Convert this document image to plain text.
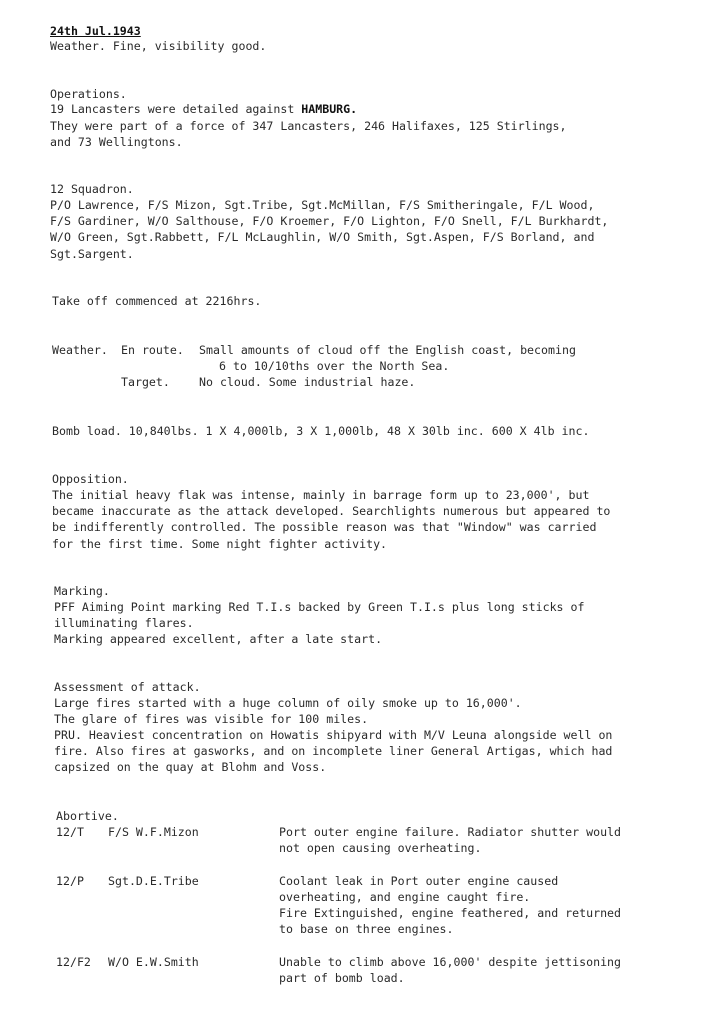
24th Jul.1943
Weather. Fine, visibility good.
Operations.
19 Lancasters were detailed against HAMBURG.
They were part of a force of 347 Lancasters, 246 Halifaxes, 125 Stirlings,
and 73 Wellingtons.
12 Squadron.
P/O Lawrence, F/S Mizon, Sgt.Tribe, Sgt.McMillan, F/S Smitheringale, F/L Wood,
F/S Gardiner, W/O Salthouse, F/O Kroemer, F/O Lighton, F/O Snell, F/L Burkhardt,
W/O Green, Sgt.Rabbett, F/L McLaughlin, W/O Smith, Sgt.Aspen, F/S Borland, and
Sgt.Sargent.
Take off commenced at 2216hrs.
Weather. En route. Small amounts of cloud off the English coast, becoming
6 to 10/10ths over the North Sea.
Target.	No cloud. Some industrial haze.
Bomb load. 10,840lbs. 1 X 4,000lb, 3 X 1,000lb, 48 X 30lb inc. 600 X 4lb inc.
Opposition.
The initial heavy flak was intense, mainly in barrage form up to 23,000', but
became inaccurate as the attack developed. Searchlights numerous but appeared to
be indifferently controlled. The possible reason was that "Window" was carried
for the first time. Some night fighter activity.
Marking.
PFF Aiming Point marking Red T.I.s backed by Green T.I.s plus long sticks of
illuminating flares.
Marking appeared excellent, after a late start.
Assessment of attack.
Large fires started with a huge column of oily smoke up to 16,000'.
The glare of fires was visible for 100 miles.
PRU. Heaviest concentration on Howatis shipyard with M/V Leuna alongside well on
fire. Also fires at gasworks, and on incomplete liner General Artigas, which had
capsized on the quay at Blohm and Voss.
Abortive.
12/T F/S W.F.Mizon	Port outer engine failure. Radiator shutter would
not open causing overheating.
12/P Sgt.D.E.Tribe	Coolant leak in Port outer engine caused
overheating, and engine caught fire.
Fire Extinguished, engine feathered, and returned
to base on three engines.
12/F2 W/O E.W.Smith	Unable to climb above 16,000' despite jettisoning
part of bomb load.
